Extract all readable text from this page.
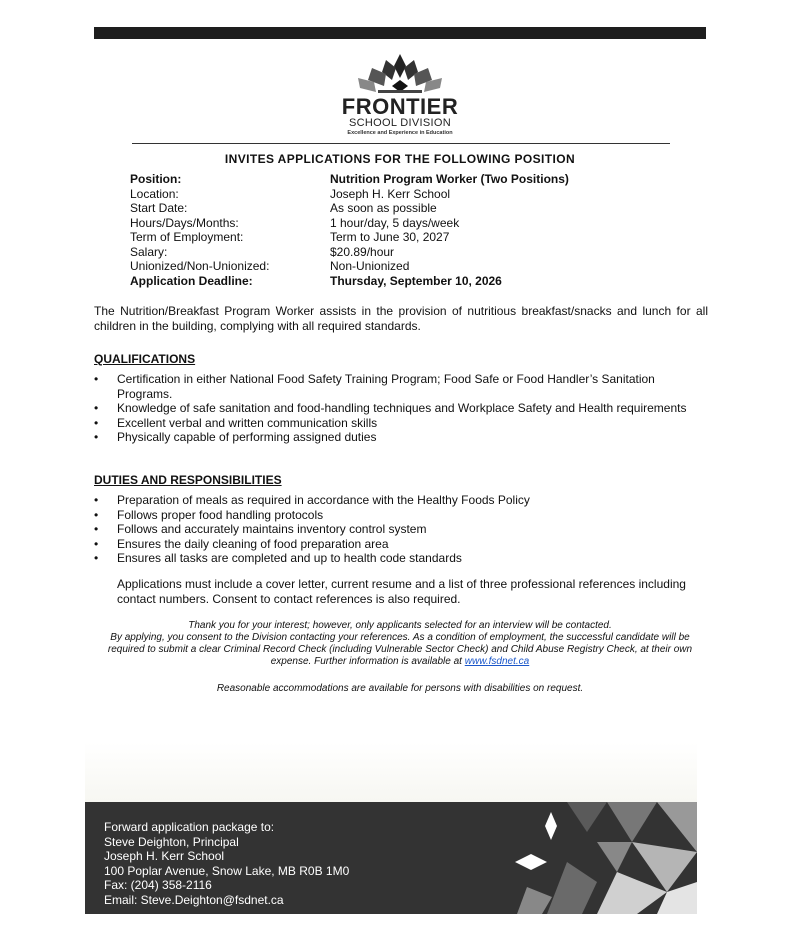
FRONTIER
SCHOOL DIVISION
Excellence and Experience in Education
INVITES APPLICATIONS FOR THE FOLLOWING POSITION
Position:	Nutrition Program Worker (Two Positions)
Location:	Joseph H. Kerr School
Start Date:	As soon as possible
Hours/Days/Months:	1 hour/day, 5 days/week
Term of Employment:	Term to June 30, 2027
Salary:	$20.89/hour
Unionized/Non-Unionized:	Non-Unionized
Application Deadline:	Thursday, September 10, 2026
The Nutrition/Breakfast Program Worker assists in the provision of nutritious breakfast/snacks and lunch for all children in the building, complying with all required standards.
QUALIFICATIONS
• Certification in either National Food Safety Training Program; Food Safe or Food Handler’s Sanitation Programs.
• Knowledge of safe sanitation and food-handling techniques and Workplace Safety and Health requirements
• Excellent verbal and written communication skills
• Physically capable of performing assigned duties
DUTIES AND RESPONSIBILITIES
• Preparation of meals as required in accordance with the Healthy Foods Policy
• Follows proper food handling protocols
• Follows and accurately maintains inventory control system
• Ensures the daily cleaning of food preparation area
• Ensures all tasks are completed and up to health code standards
Applications must include a cover letter, current resume and a list of three professional references including contact numbers. Consent to contact references is also required.
Thank you for your interest; however, only applicants selected for an interview will be contacted.
By applying, you consent to the Division contacting your references. As a condition of employment, the successful candidate will be required to submit a clear Criminal Record Check (including Vulnerable Sector Check) and Child Abuse Registry Check, at their own expense. Further information is available at www.fsdnet.ca
Reasonable accommodations are available for persons with disabilities on request.
Forward application package to:
Steve Deighton, Principal
Joseph H. Kerr School
100 Poplar Avenue, Snow Lake, MB R0B 1M0
Fax: (204) 358-2116
Email: Steve.Deighton@fsdnet.ca
